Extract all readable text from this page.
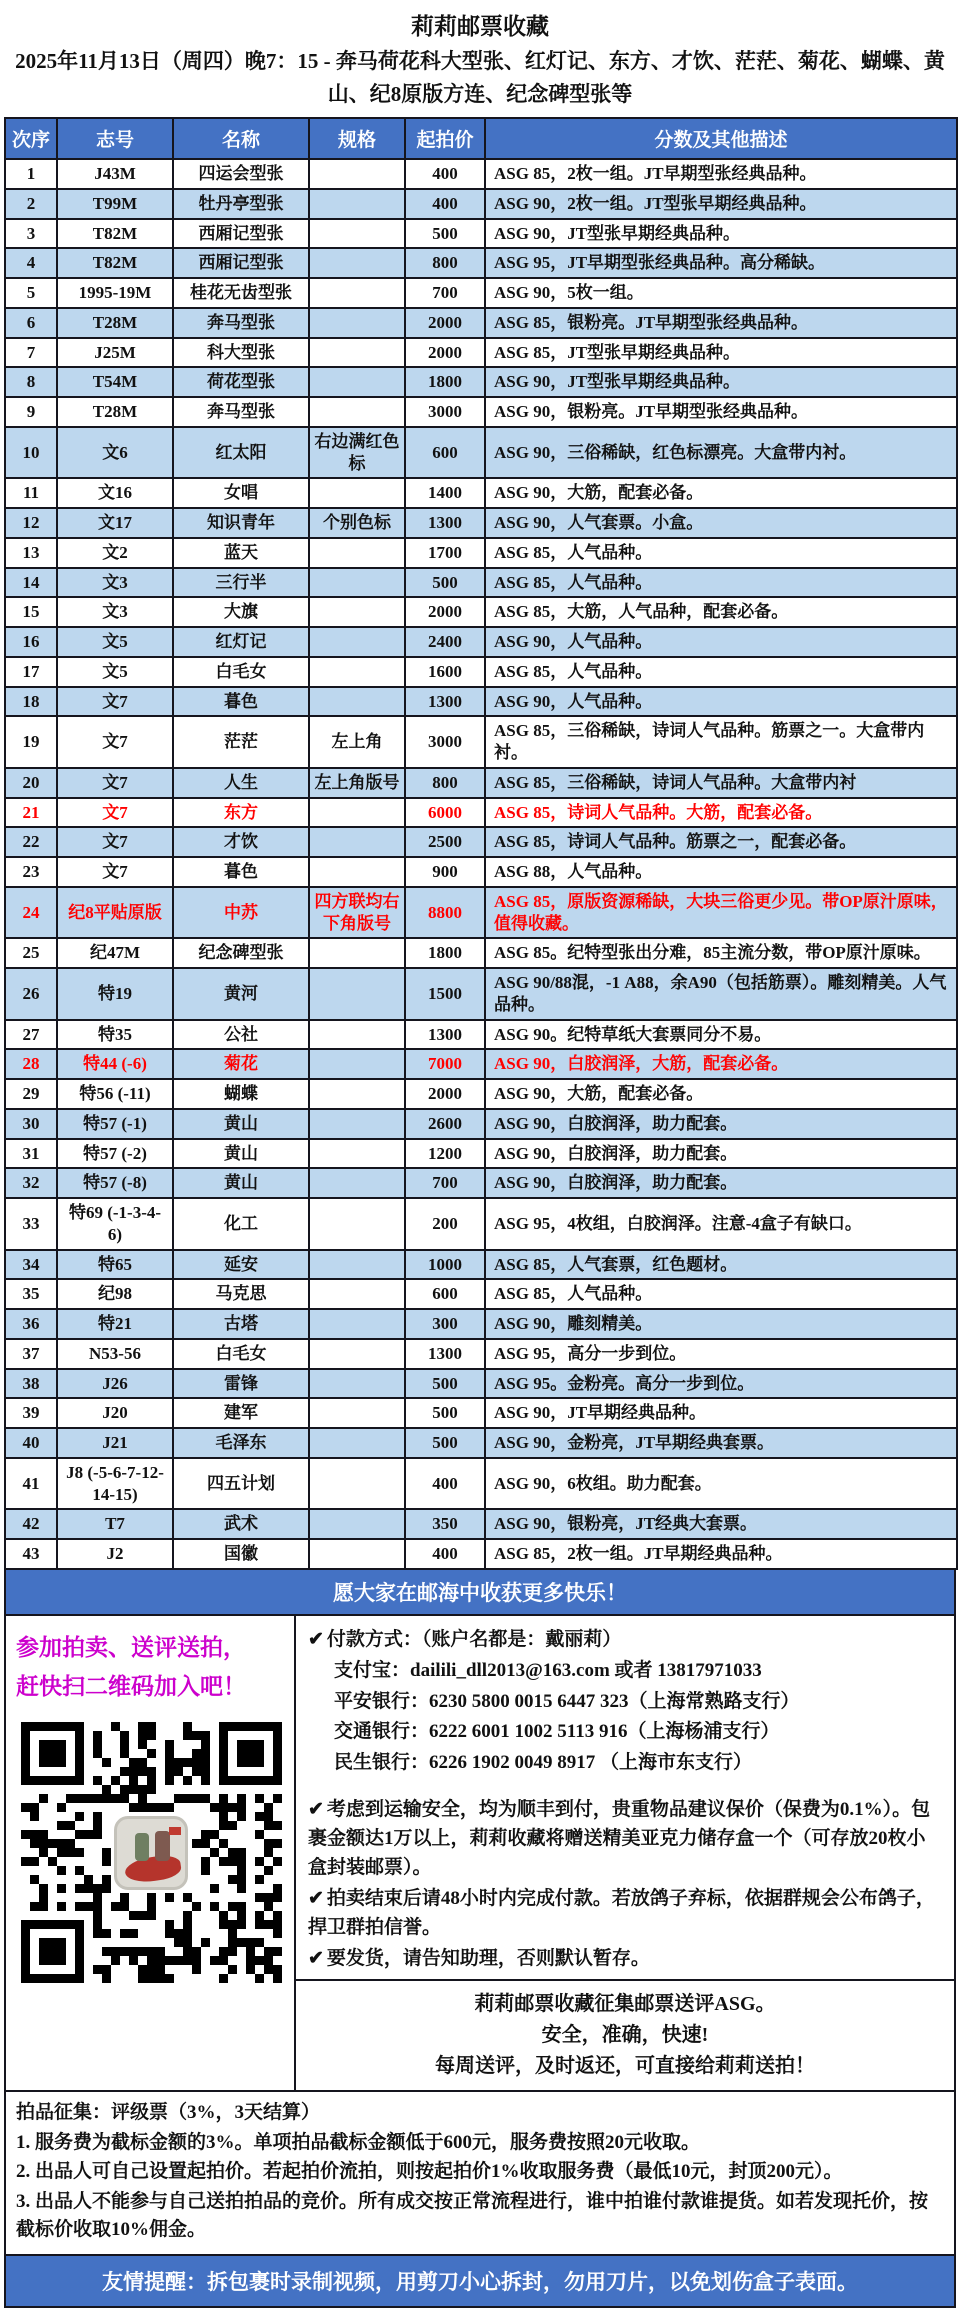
莉莉邮票收藏
2025年11月13日（周四）晚7：15 - 奔马荷花科大型张、红灯记、东方、才饮、茫茫、菊花、蝴蝶、黄山、纪8原版方连、纪念碑型张等
次序	志号	名称	规格	起拍价	分数及其他描述
1	J43M	四运会型张		400	ASG 85，2枚一组。JT早期型张经典品种。
2	T99M	牡丹亭型张		400	ASG 90，2枚一组。JT型张早期经典品种。
3	T82M	西厢记型张		500	ASG 90，JT型张早期经典品种。
4	T82M	西厢记型张		800	ASG 95，JT早期型张经典品种。高分稀缺。
5	1995-19M	桂花无齿型张		700	ASG 90，5枚一组。
6	T28M	奔马型张		2000	ASG 85，银粉亮。JT早期型张经典品种。
7	J25M	科大型张		2000	ASG 85，JT型张早期经典品种。
8	T54M	荷花型张		1800	ASG 90，JT型张早期经典品种。
9	T28M	奔马型张		3000	ASG 90，银粉亮。JT早期型张经典品种。
10	文6	红太阳	右边满红色标	600	ASG 90，三俗稀缺，红色标漂亮。大盒带内衬。
11	文16	女唱		1400	ASG 90，大筋，配套必备。
12	文17	知识青年	个别色标	1300	ASG 90，人气套票。小盒。
13	文2	蓝天		1700	ASG 85，人气品种。
14	文3	三行半		500	ASG 85，人气品种。
15	文3	大旗		2000	ASG 85，大筋，人气品种，配套必备。
16	文5	红灯记		2400	ASG 90，人气品种。
17	文5	白毛女		1600	ASG 85，人气品种。
18	文7	暮色		1300	ASG 90，人气品种。
19	文7	茫茫	左上角	3000	ASG 85，三俗稀缺，诗词人气品种。筋票之一。大盒带内衬。
20	文7	人生	左上角版号	800	ASG 85，三俗稀缺，诗词人气品种。大盒带内衬
21	文7	东方		6000	ASG 85，诗词人气品种。大筋，配套必备。
22	文7	才饮		2500	ASG 85，诗词人气品种。筋票之一，配套必备。
23	文7	暮色		900	ASG 88，人气品种。
24	纪8平贴原版	中苏	四方联均右下角版号	8800	ASG 85，原版资源稀缺，大块三俗更少见。带OP原汁原味，值得收藏。
25	纪47M	纪念碑型张		1800	ASG 85。纪特型张出分难，85主流分数，带OP原汁原味。
26	特19	黄河		1500	ASG 90/88混，-1 A88，余A90（包括筋票）。雕刻精美。人气品种。
27	特35	公社		1300	ASG 90。纪特草纸大套票同分不易。
28	特44 (-6)	菊花		7000	ASG 90，白胶润泽，大筋，配套必备。
29	特56 (-11)	蝴蝶		2000	ASG 90，大筋，配套必备。
30	特57 (-1)	黄山		2600	ASG 90，白胶润泽，助力配套。
31	特57 (-2)	黄山		1200	ASG 90，白胶润泽，助力配套。
32	特57 (-8)	黄山		700	ASG 90，白胶润泽，助力配套。
33	特69 (-1-3-4-6)	化工		200	ASG 95，4枚组，白胶润泽。注意-4盒子有缺口。
34	特65	延安		1000	ASG 85，人气套票，红色题材。
35	纪98	马克思		600	ASG 85，人气品种。
36	特21	古塔		300	ASG 90，雕刻精美。
37	N53-56	白毛女		1300	ASG 95，高分一步到位。
38	J26	雷锋		500	ASG 95。金粉亮。高分一步到位。
39	J20	建军		500	ASG 90，JT早期经典品种。
40	J21	毛泽东		500	ASG 90，金粉亮，JT早期经典套票。
41	J8 (-5-6-7-12-14-15)	四五计划		400	ASG 90，6枚组。助力配套。
42	T7	武术		350	ASG 90，银粉亮，JT经典大套票。
43	J2	国徽		400	ASG 85，2枚一组。JT早期经典品种。
愿大家在邮海中收获更多快乐！
参加拍卖、送评送拍，
赶快扫二维码加入吧！

✔ 付款方式：（账户名都是：戴丽莉）

支付宝：dailili_dll2013@163.com 或者 13817971033

平安银行：6230 5800 0015 6447 323（上海常熟路支行）

交通银行：6222 6001 1002 5113 916（上海杨浦支行）

民生银行：6226 1902 0049 8917 （上海市东支行）

✔ 考虑到运输安全，均为顺丰到付，贵重物品建议保价（保费为0.1%）。包裹金额达1万以上，莉莉收藏将赠送精美亚克力储存盒一个（可存放20枚小盒封装邮票）。

✔ 拍卖结束后请48小时内完成付款。若放鸽子弃标，依据群规会公布鸽子，捍卫群拍信誉。

✔ 要发货，请告知助理，否则默认暂存。

莉莉邮票收藏征集邮票送评ASG。
安全，准确，快速!
每周送评，及时返还，可直接给莉莉送拍！
拍品征集：评级票（3%，3天结算）
1. 服务费为截标金额的3%。单项拍品截标金额低于600元，服务费按照20元收取。
2. 出品人可自己设置起拍价。若起拍价流拍，则按起拍价1%收取服务费（最低10元，封顶200元）。
3. 出品人不能参与自己送拍拍品的竞价。所有成交按正常流程进行，谁中拍谁付款谁提货。如若发现托价，按截标价收取10%佣金。
友情提醒：拆包裹时录制视频，用剪刀小心拆封，勿用刀片，以免划伤盒子表面。
